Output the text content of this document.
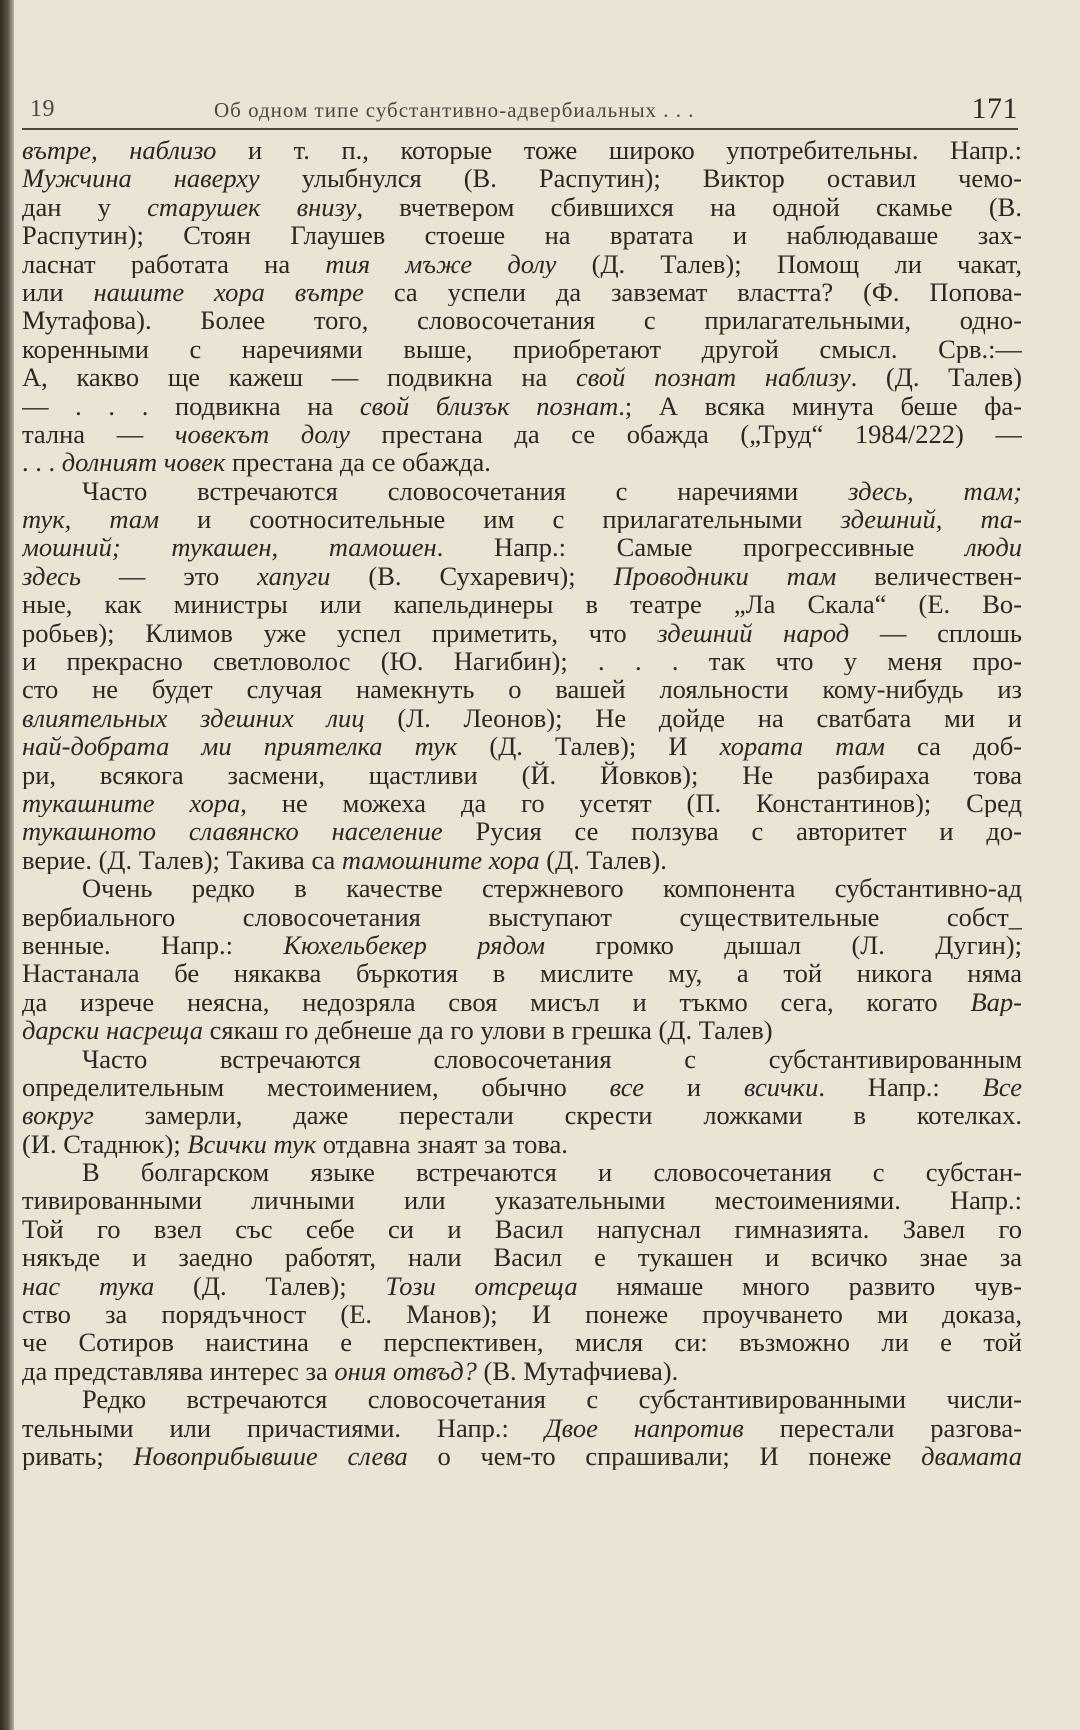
19	Об одном типе субстантивно-адвербиальных . . .	171
вътре, наблизо и т. п., которые тоже широко употребительны. Напр.:
Мужчина наверху улыбнулся (В. Распутин); Виктор оставил чемо-
дан у старушек внизу, вчетвером сбившихся на одной скамье (В.
Распутин); Стоян Глаушев стоеше на вратата и наблюдаваше зах-
ласнат работата на тия мъже долу (Д. Талев); Помощ ли чакат,
или нашите хора вътре са успели да завземат властта? (Ф. Попова-
Мутафова). Более того, словосочетания с прилагательными, одно-
коренными с наречиями выше, приобретают другой смысл. Срв.:—
А, какво ще кажеш — подвикна на свой познат наблизу. (Д. Талев)
— . . . подвикна на свой близък познат.; А всяка минута беше фа-
тална — човекът долу престана да се обажда („Труд“ 1984/222) —
. . . долният човек престана да се обажда.
Часто встречаются словосочетания с наречиями здесь, там;
тук, там и соотносительные им с прилагательными здешний, та-
мошний; тукашен, тамошен. Напр.: Самые прогрессивные люди
здесь — это хапуги (В. Сухаревич); Проводники там величествен-
ные, как министры или капельдинеры в театре „Ла Скала“ (Е. Во-
робьев); Климов уже успел приметить, что здешний народ — сплошь
и прекрасно светловолос (Ю. Нагибин); . . . так что у меня про-
сто не будет случая намекнуть о вашей лояльности кому-нибудь из
влиятельных здешних лиц (Л. Леонов); Не дойде на сватбата ми и
най-добрата ми приятелка тук (Д. Талев); И хората там са доб-
ри, всякога засмени, щастливи (Й. Йовков); Не разбираха това
тукашните хора, не можеха да го усетят (П. Константинов); Сред
тукашното славянско население Русия се ползува с авторитет и до-
верие. (Д. Талев); Такива са тамошните хора (Д. Талев).
Очень редко в качестве стержневого компонента субстантивно-ад
вербиального словосочетания выступают существительные собст_
венные. Напр.: Кюхельбекер рядом громко дышал (Л. Дугин);
Настанала бе някаква бъркотия в мислите му, а той никога няма
да изрече неясна, недозряла своя мисъл и тъкмо сега, когато Вар-
дарски насреща сякаш го дебнеше да го улови в грешка (Д. Талев)
Часто встречаются словосочетания с субстантивированным
определительным местоимением, обычно все и всички. Напр.: Все
вокруг замерли, даже перестали скрести ложками в котелках.
(И. Стаднюк); Всички тук отдавна знаят за това.
В болгарском языке встречаются и словосочетания с субстан-
тивированными личными или указательными местоимениями. Напр.:
Той го взел със себе си и Васил напуснал гимназията. Завел го
някъде и заедно работят, нали Васил е тукашен и всичко знае за
нас тука (Д. Талев); Този отсреща нямаше много развито чув-
ство за порядъчност (Е. Манов); И понеже проучването ми доказа,
че Сотиров наистина е перспективен, мисля си: възможно ли е той
да представлява интерес за ония отвъд? (В. Мутафчиева).
Редко встречаются словосочетания с субстантивированными числи-
тельными или причастиями. Напр.: Двое напротив перестали разгова-
ривать; Новоприбывшие слева о чем-то спрашивали; И понеже двамата
